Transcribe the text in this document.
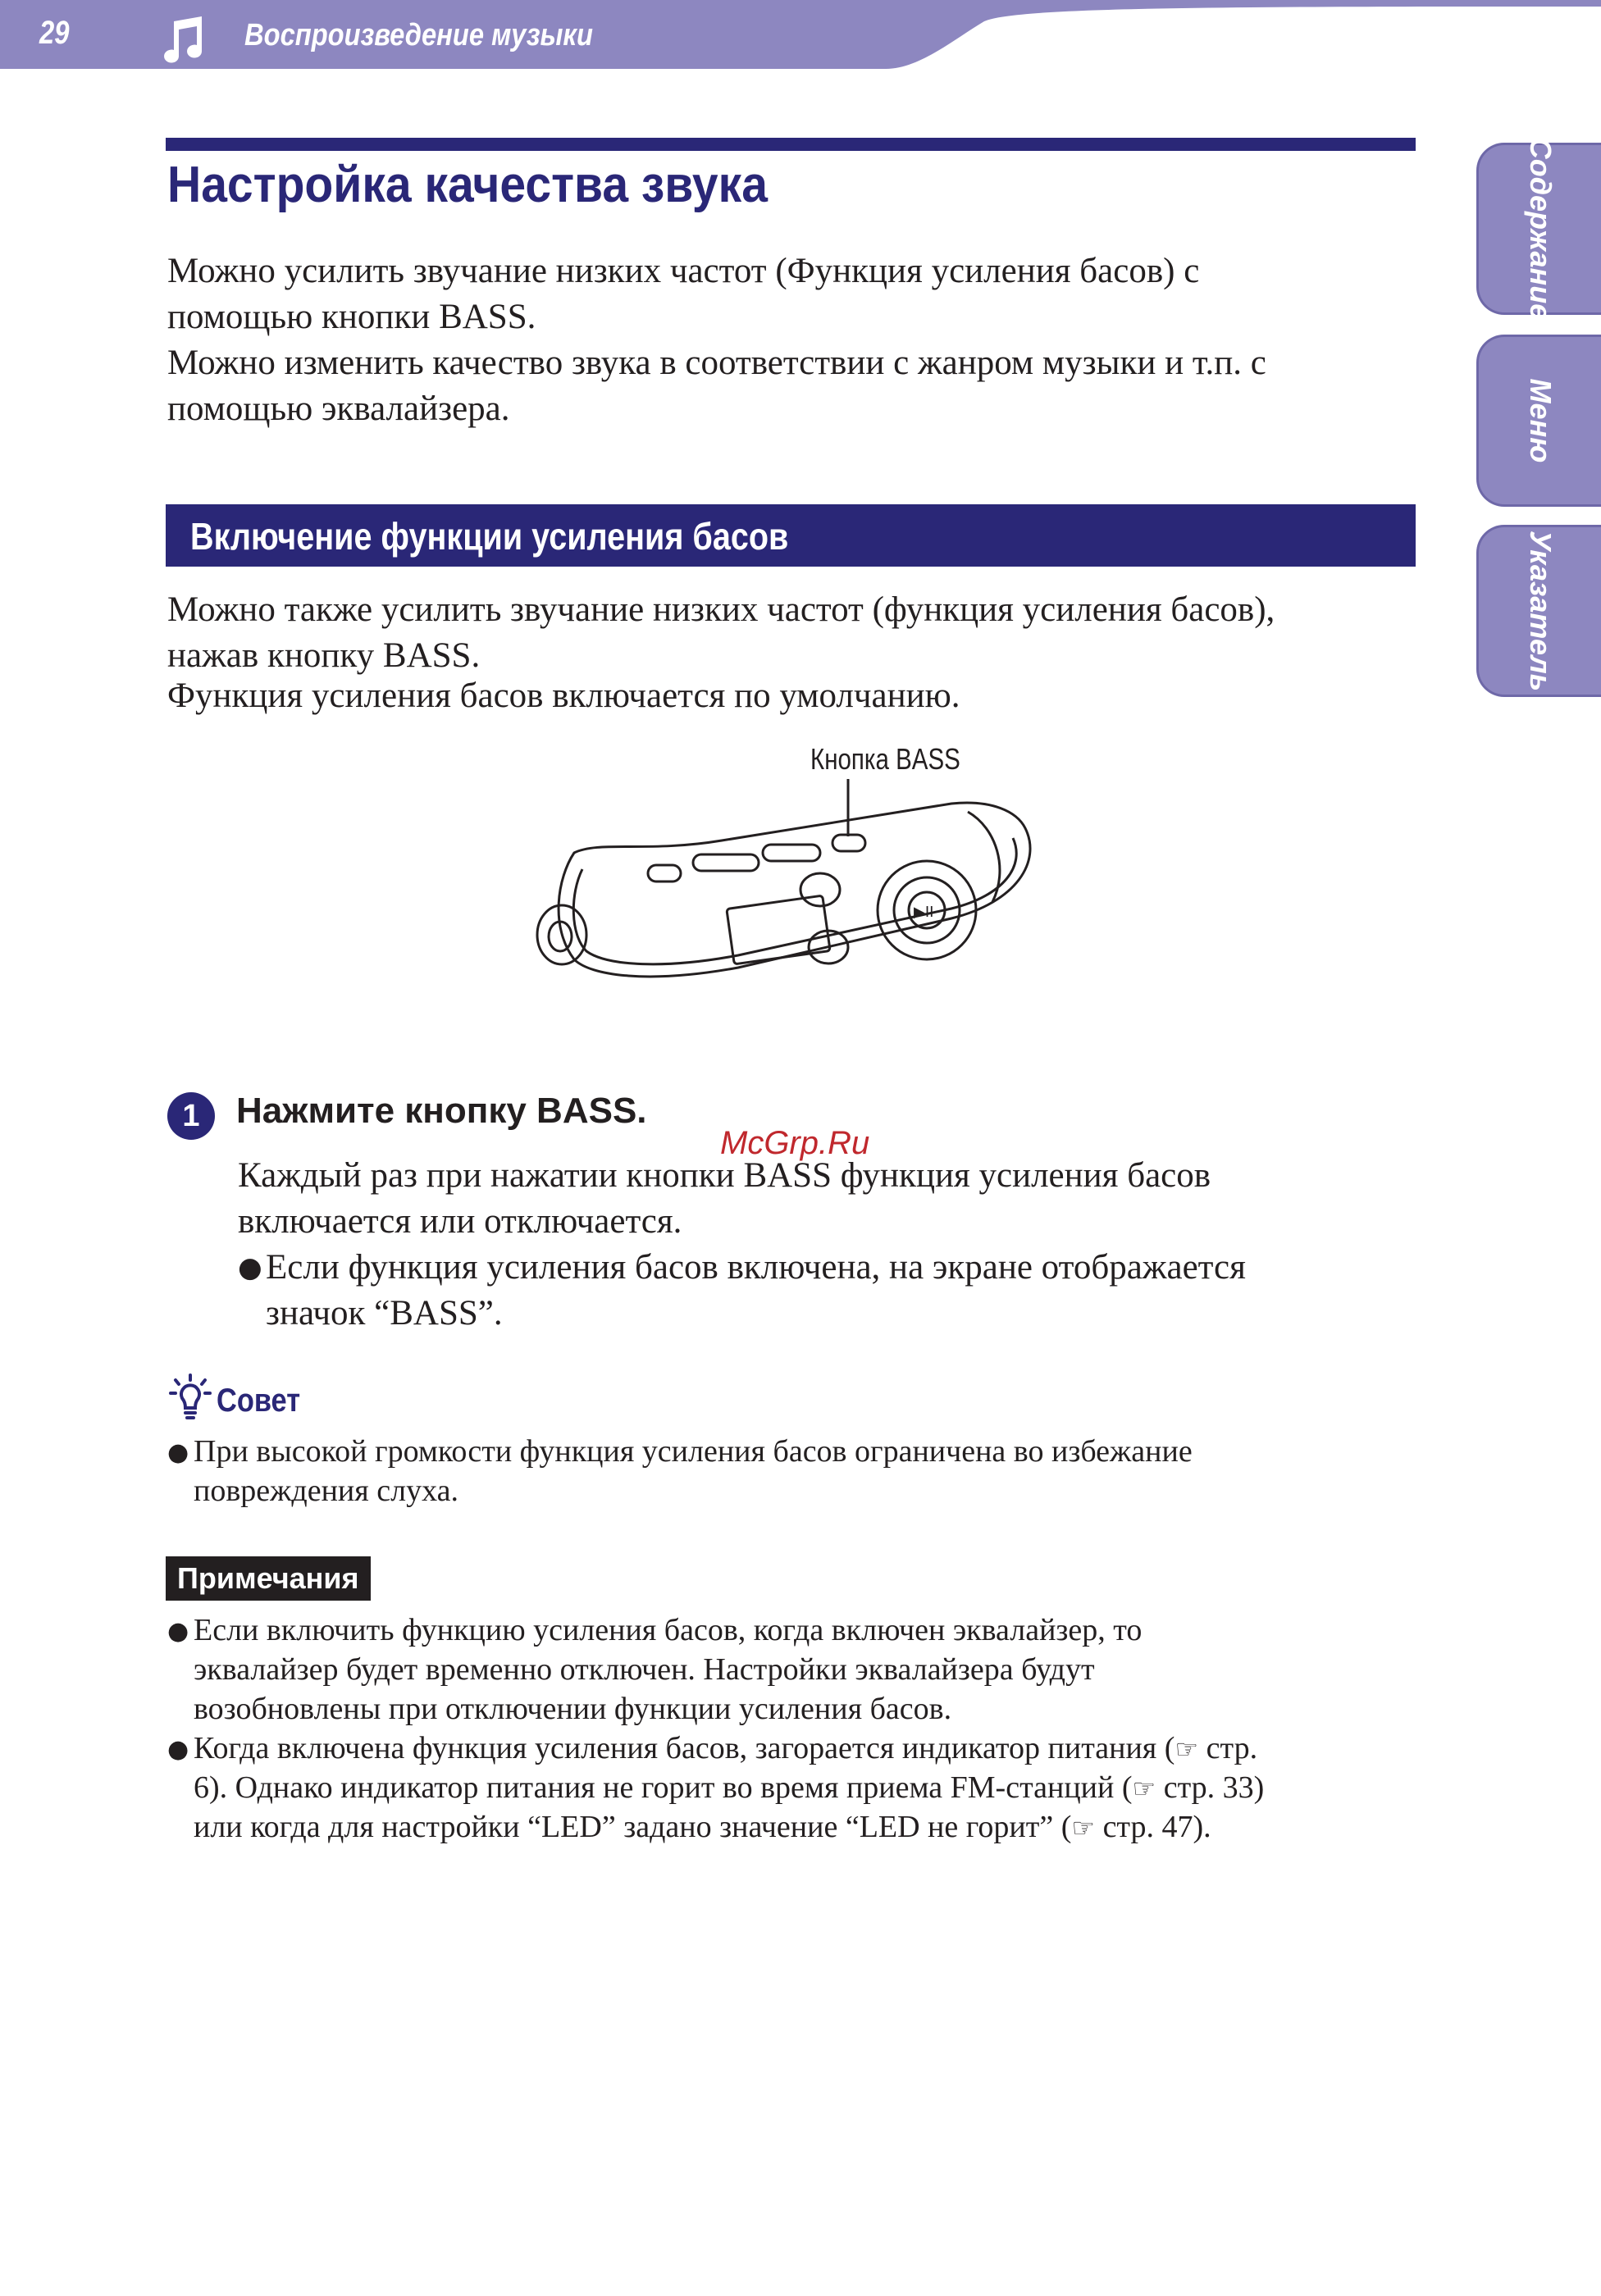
29	Воспроизведение музыки
Содержание
Меню
Указатель
Настройка качества звука
Можно усилить звучание низких частот (Функция усиления басов) с
помощью кнопки BASS.
Можно изменить качество звука в соответствии с жанром музыки и т.п. с
помощью эквалайзера.
Включение функции усиления басов
Можно также усилить звучание низких частот (функция усиления басов),
нажав кнопку BASS.
Функция усиления басов включается по умолчанию.
Кнопка BASS
▶II
1	Нажмите кнопку BASS.
Каждый раз при нажатии кнопки BASS функция усиления басов
включается или отключается.
● Если функция усиления басов включена, на экране отображается
значок “BASS”.
McGrp.Ru
Совет
● При высокой громкости функция усиления басов ограничена во избежание
повреждения слуха.
Примечания
● Если включить функцию усиления басов, когда включен эквалайзер, то
эквалайзер будет временно отключен. Настройки эквалайзера будут
возобновлены при отключении функции усиления басов.
● Когда включена функция усиления басов, загорается индикатор питания (☞ стр.
6). Однако индикатор питания не горит во время приема FM-станций (☞ стр. 33)
или когда для настройки “LED” задано значение “LED не горит” (☞ стр. 47).
